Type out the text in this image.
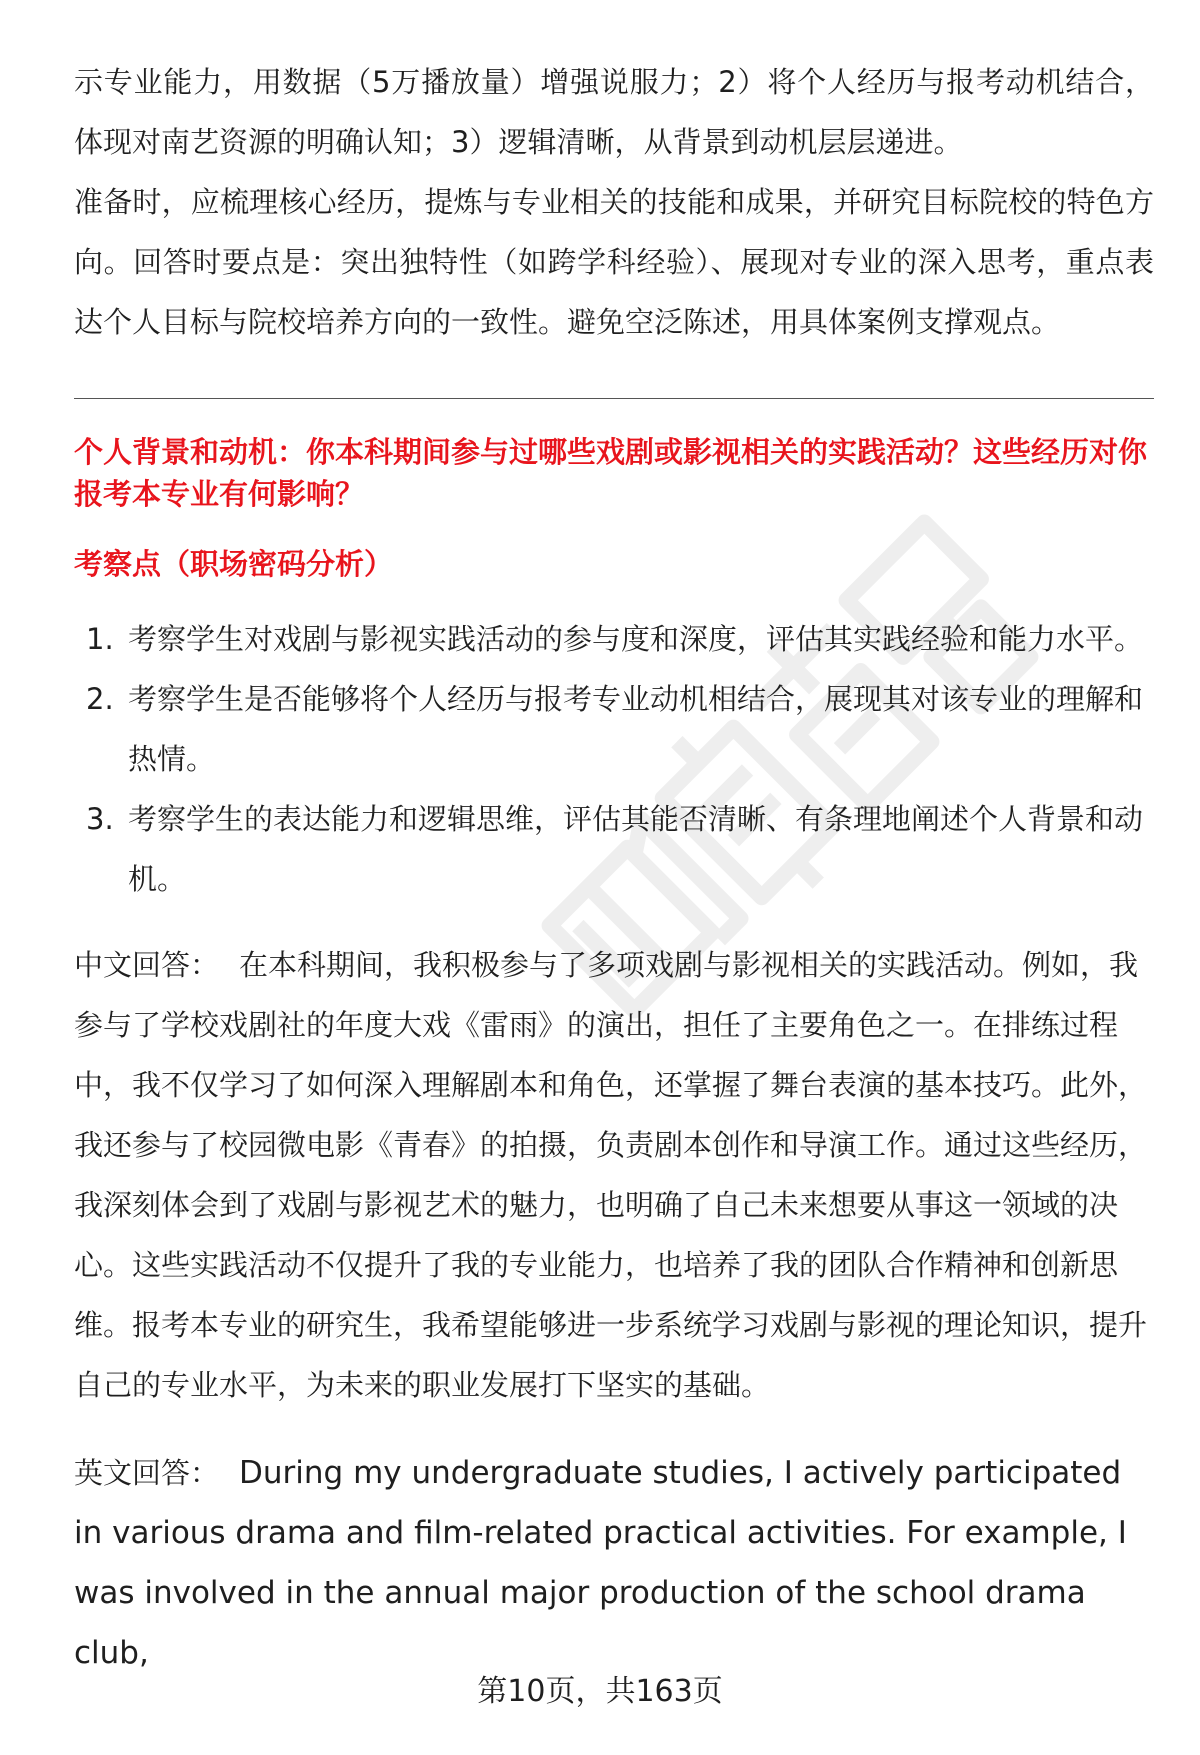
示专业能力，用数据（5万播放量）增强说服力；2）将个人经历与报考动机结合，体现对南艺资源的明确认知；3）逻辑清晰，从背景到动机层层递进。

准备时，应梳理核心经历，提炼与专业相关的技能和成果，并研究目标院校的特色方向。回答时要点是：突出独特性（如跨学科经验）、展现对专业的深入思考，重点表达个人目标与院校培养方向的一致性。避免空泛陈述，用具体案例支撑观点。

个人背景和动机：你本科期间参与过哪些戏剧或影视相关的实践活动？这些经历对你报考本专业有何影响？

考察点（职场密码分析）

1. 考察学生对戏剧与影视实践活动的参与度和深度，评估其实践经验和能力水平。
2. 考察学生是否能够将个人经历与报考专业动机相结合，展现其对该专业的理解和热情。
3. 考察学生的表达能力和逻辑思维，评估其能否清晰、有条理地阐述个人背景和动机。

中文回答： 在本科期间，我积极参与了多项戏剧与影视相关的实践活动。例如，我参与了学校戏剧社的年度大戏《雷雨》的演出，担任了主要角色之一。在排练过程中，我不仅学习了如何深入理解剧本和角色，还掌握了舞台表演的基本技巧。此外，我还参与了校园微电影《青春》的拍摄，负责剧本创作和导演工作。通过这些经历，我深刻体会到了戏剧与影视艺术的魅力，也明确了自己未来想要从事这一领域的决心。这些实践活动不仅提升了我的专业能力，也培养了我的团队合作精神和创新思维。报考本专业的研究生，我希望能够进一步系统学习戏剧与影视的理论知识，提升自己的专业水平，为未来的职业发展打下坚实的基础。

英文回答： During my undergraduate studies, I actively participated in various drama and film-related practical activities. For example, I was involved in the annual major production of the school drama club,

第10页，共163页
